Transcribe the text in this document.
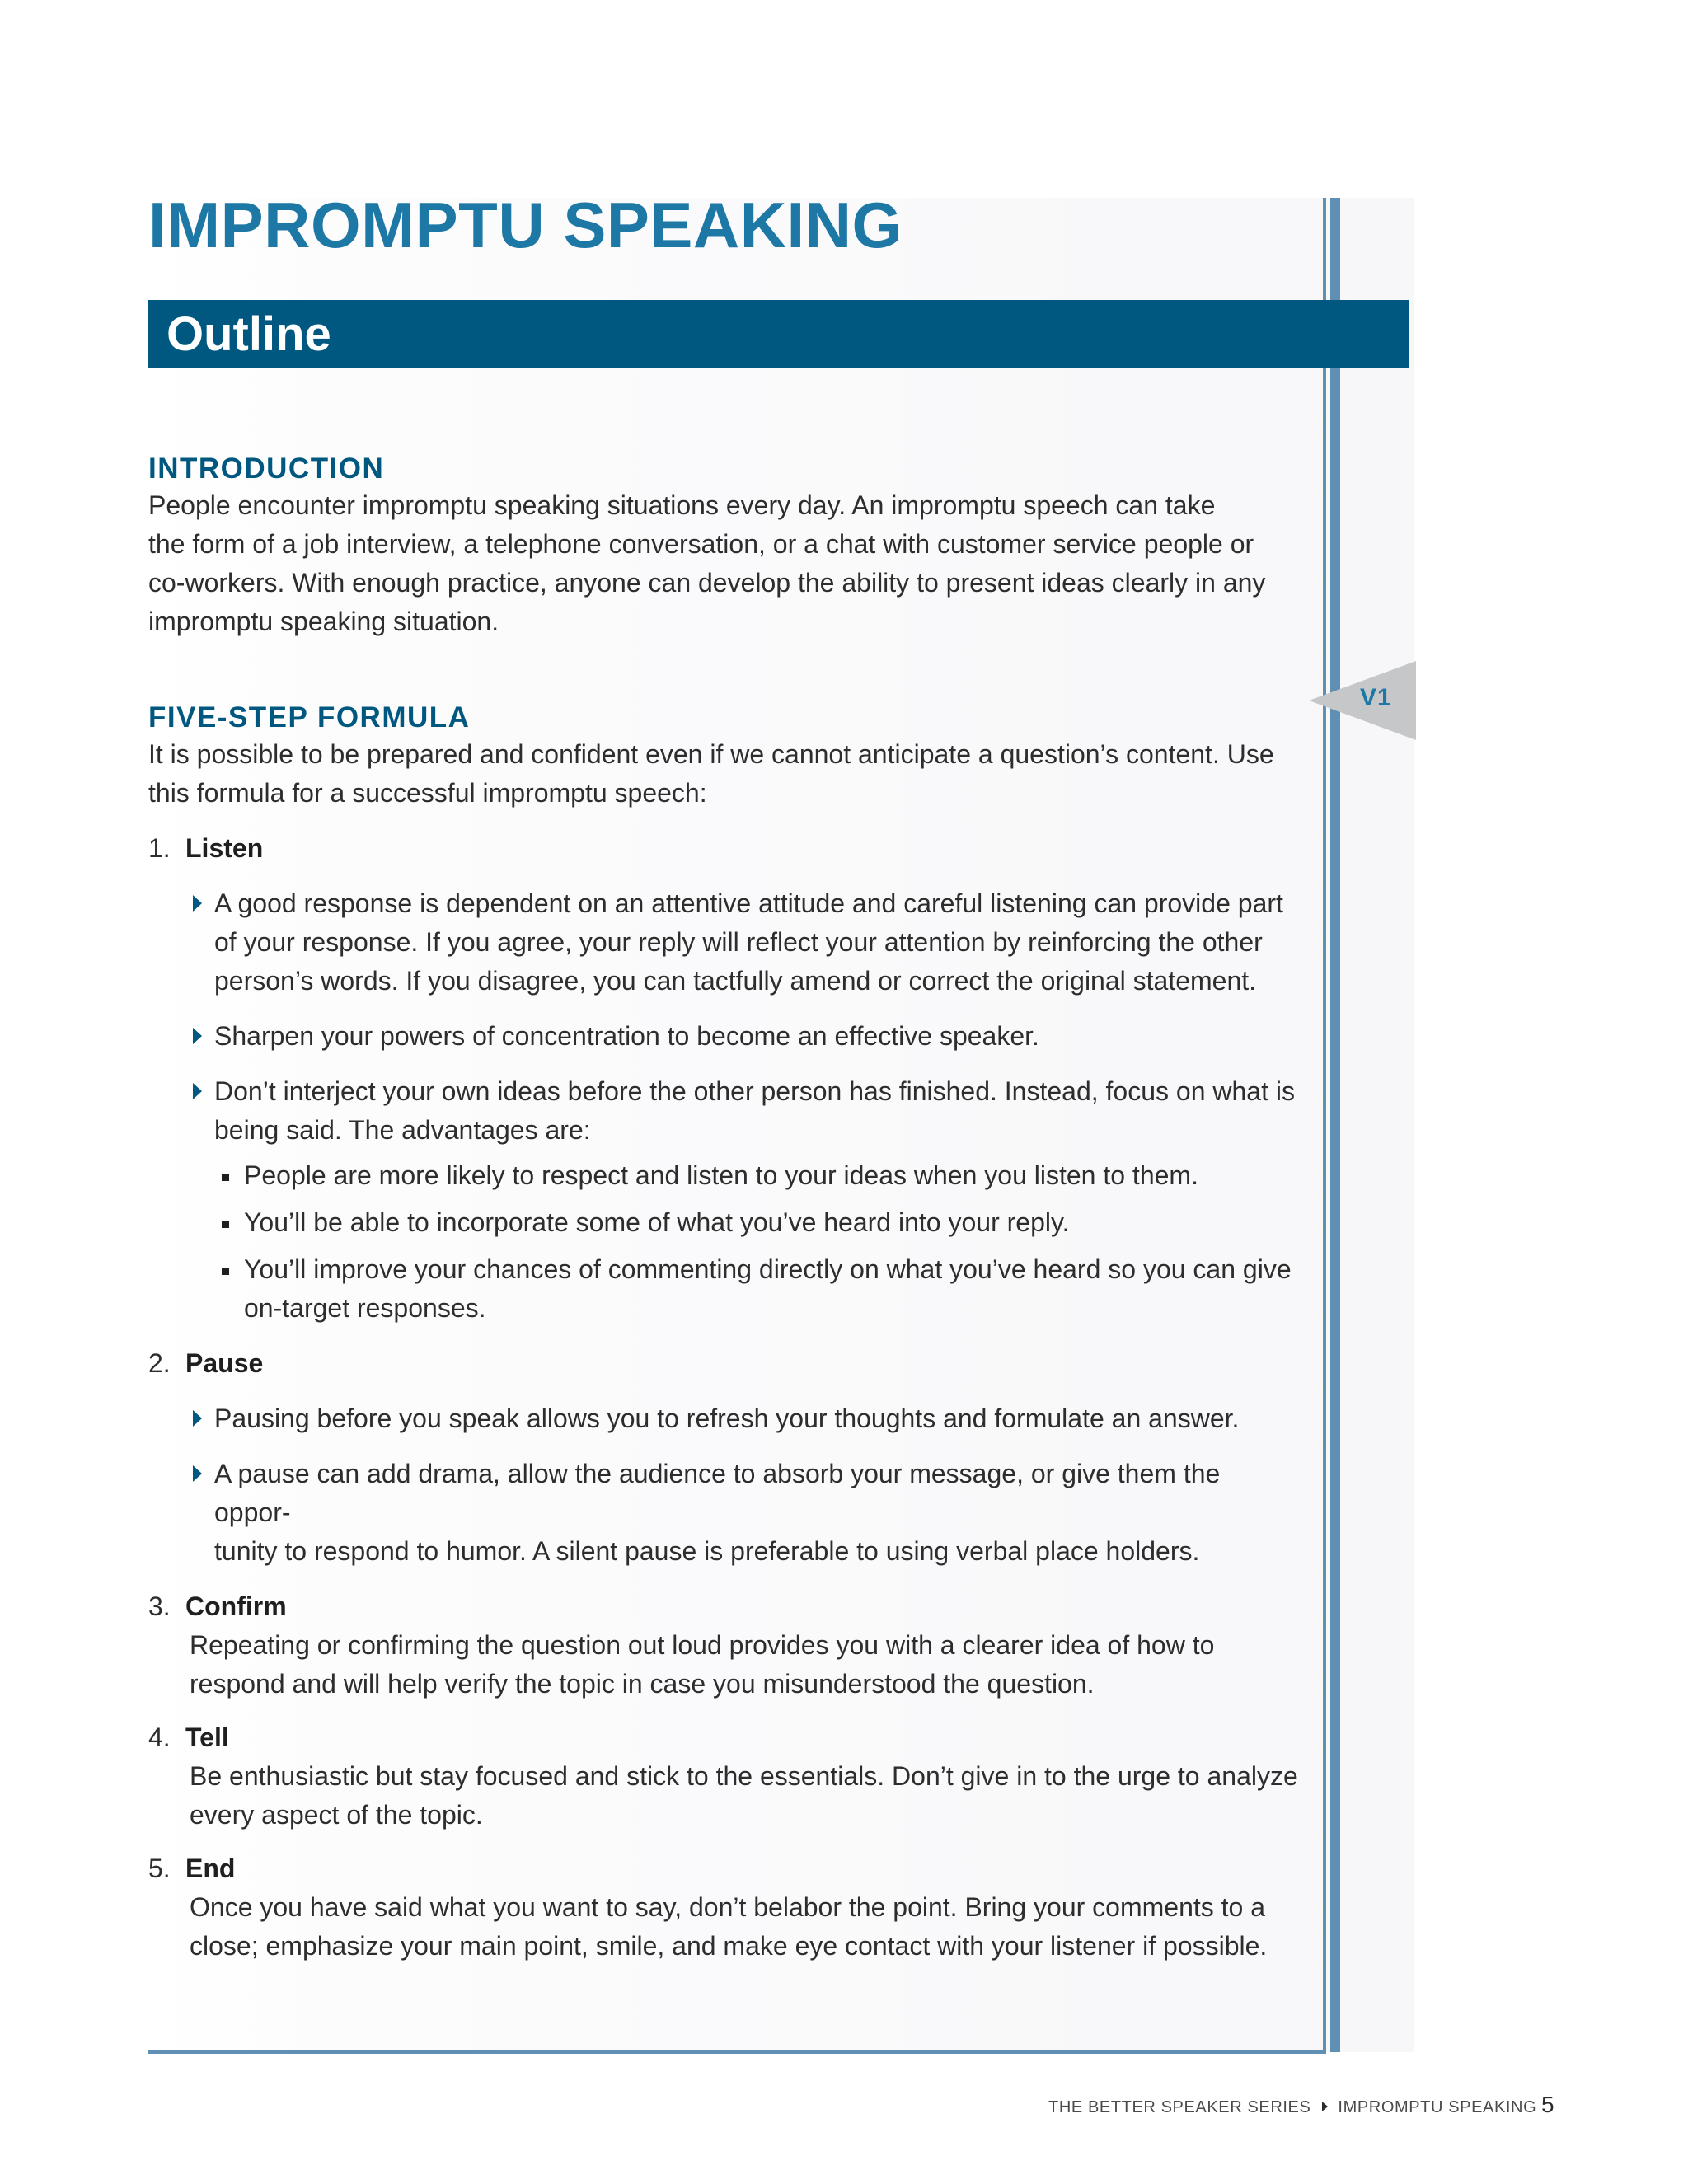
IMPROMPTU SPEAKING
Outline
V1
INTRODUCTION

People encounter impromptu speaking situations every day. An impromptu speech can take
the form of a job interview, a telephone conversation, or a chat with customer service people or
co-workers. With enough practice, anyone can develop the ability to present ideas clearly in any
impromptu speaking situation.

FIVE-STEP FORMULA

It is possible to be prepared and confident even if we cannot anticipate a question’s content. Use
this formula for a successful impromptu speech:

1. Listen
A good response is dependent on an attentive attitude and careful listening can provide part
of your response. If you agree, your reply will reflect your attention by reinforcing the other
person’s words. If you disagree, you can tactfully amend or correct the original statement.
Sharpen your powers of concentration to become an effective speaker.
Don’t interject your own ideas before the other person has finished. Instead, focus on what is
being said. The advantages are:
People are more likely to respect and listen to your ideas when you listen to them.
You’ll be able to incorporate some of what you’ve heard into your reply.
You’ll improve your chances of commenting directly on what you’ve heard so you can give
on-target responses.
2. Pause
Pausing before you speak allows you to refresh your thoughts and formulate an answer.
A pause can add drama, allow the audience to absorb your message, or give them the oppor-
tunity to respond to humor. A silent pause is preferable to using verbal place holders.
3. Confirm

Repeating or confirming the question out loud provides you with a clearer idea of how to
respond and will help verify the topic in case you misunderstood the question.

4. Tell

Be enthusiastic but stay focused and stick to the essentials. Don’t give in to the urge to analyze
every aspect of the topic.

5. End

Once you have said what you want to say, don’t belabor the point. Bring your comments to a
close; emphasize your main point, smile, and make eye contact with your listener if possible.

THE BETTER SPEAKER SERIES IMPROMPTU SPEAKING 5
